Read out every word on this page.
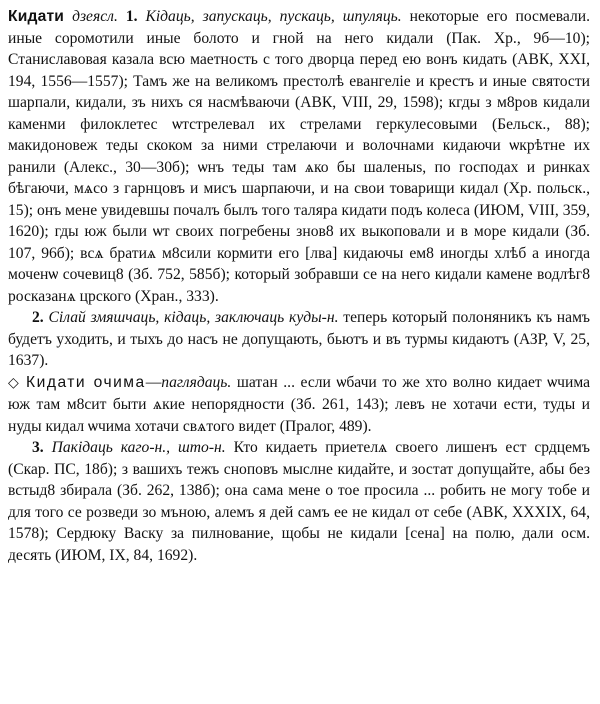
Кидати дзеясл. 1. Кідаць, запускаць, пускаць, шпуляць. некоторые его посмевали. иные соромотили иные болото и гной на него кидали (Пак. Хр., 9б—10); Станиславовая казала всю маетность с того дворца перед ею вонъ кидать (АВК, XXI, 194, 1556—1557); Тамъ же на великомъ престолѣ евангеліе и крестъ и иные святости шарпали, кидали, зъ нихъ ся насмѣваючи (АВК, VIII, 29, 1598); кгды з м8ров кидали каменми филоклетес ѡтстрелевал их стрелами геркулесовыми (Бельск., 88); макидоновеж теды скоком за ними стрелаючи и волочнами кидаючи ѡкрѣтне их ранили (Алекс., 30—30б); ѡнъ теды там ѧко бы шаленыs, по господах и ринках бѣгаючи, мѧсо з гарнцовъ и мисъ шарпаючи, и на свои товарищи кидал (Хр. польск., 15); онъ мене увидевшы почалъ былъ того таляра кидати подъ колеса (ИЮМ, VIII, 359, 1620); гды юж были ѡт своих погребены знов8 их выкоповали и в море кидали (Зб. 107, 96б); всѧ братиѧ м8сили кормити его [лва] кидаючы ем8 иногды хлѣб а иногда моченѡ сочевиц8 (Зб. 752, 585б); который зобравши се на него кидали камене водлѣг8 росказанѧ црского (Хран., 333).

2. Сілай змяшчаць, кідаць, заключаць куды-н. теперь который полоняникъ къ намъ будетъ уходить, и тыхъ до насъ не допущають, бьютъ и въ турмы кидаютъ (АЗР, V, 25, 1637).

◇ Кидати очима—паглядаць. шатан ... если ѡбачи то же хто волно кидает ѡчима юж там м8сит быти ѧкие непорядности (Зб. 261, 143); левъ не хотачи ести, туды и нуды кидал ѡчима хотачи свѧтого видет (Пралог, 489).

3. Пакідаць каго-н., што-н. Кто кидаеть приетелѧ своего лишенъ ест срдцемъ (Скар. ПС, 18б); з вашихъ тежъ сноповъ мыслне кидайте, и зостат допущайте, абы без встыд8 збирала (Зб. 262, 138б); она сама мене о тое просила ... робить не могу тобе и для того се розведи зо мъною, алемъ я дей самъ ее не кидал от себе (АВК, XXXIX, 64, 1578); Сердюку Васку за пилнование, щобы не кидали [сена] на полю, дали осм. десять (ИЮМ, IX, 84, 1692).
